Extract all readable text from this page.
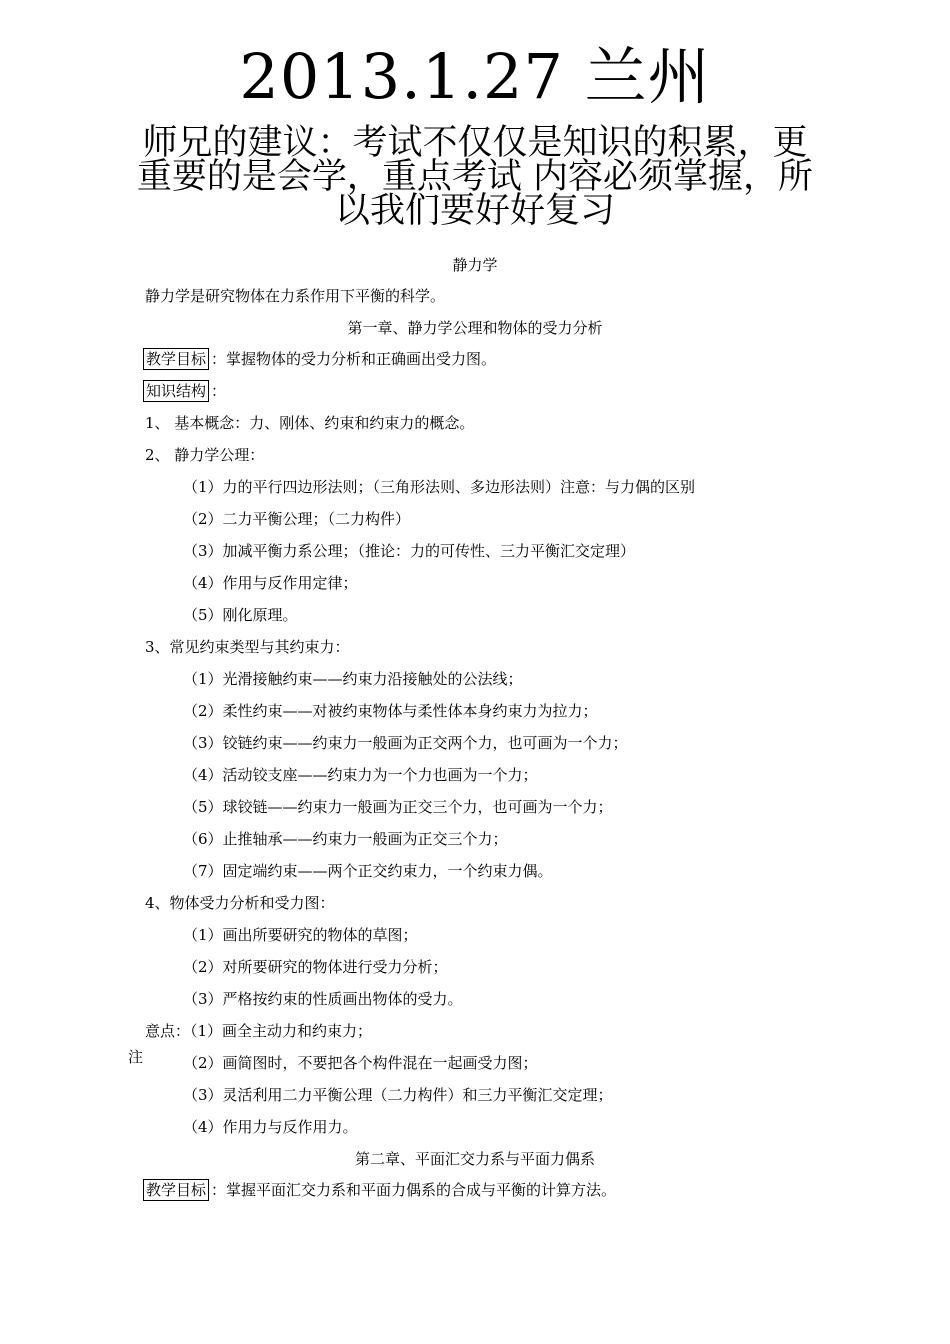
2013.1.27 兰州
师兄的建议：考试不仅仅是知识的积累，更重要的是会学，重点考试 内容必须掌握，所以我们要好好复习
静力学
静力学是研究物体在力系作用下平衡的科学。
第一章、静力学公理和物体的受力分析
教学目标 ：掌握物体的受力分析和正确画出受力图。
知识结构 ：
1、 基本概念：力、刚体、约束和约束力的概念。
2、 静力学公理：
（1）力的平行四边形法则；（三角形法则、多边形法则）注意：与力偶的区别
（2）二力平衡公理；（二力构件）
（3）加减平衡力系公理；（推论：力的可传性、三力平衡汇交定理）
（4）作用与反作用定律；
（5）刚化原理。
3、常见约束类型与其约束力：
（1）光滑接触约束——约束力沿接触处的公法线；
（2）柔性约束——对被约束物体与柔性体本身约束力为拉力；
（3）铰链约束——约束力一般画为正交两个力，也可画为一个力；
（4）活动铰支座——约束力为一个力也画为一个力；
（5）球铰链——约束力一般画为正交三个力，也可画为一个力；
（6）止推轴承——约束力一般画为正交三个力；
（7）固定端约束——两个正交约束力，一个约束力偶。
4、物体受力分析和受力图：
（1）画出所要研究的物体的草图；
（2）对所要研究的物体进行受力分析；
（3）严格按约束的性质画出物体的受力。
意点：（1）画全主动力和约束力；
注	（2）画简图时，不要把各个构件混在一起画受力图；
（3）灵活利用二力平衡公理（二力构件）和三力平衡汇交定理；
（4）作用力与反作用力。
第二章、平面汇交力系与平面力偶系
教学目标 ：掌握平面汇交力系和平面力偶系的合成与平衡的计算方法。
